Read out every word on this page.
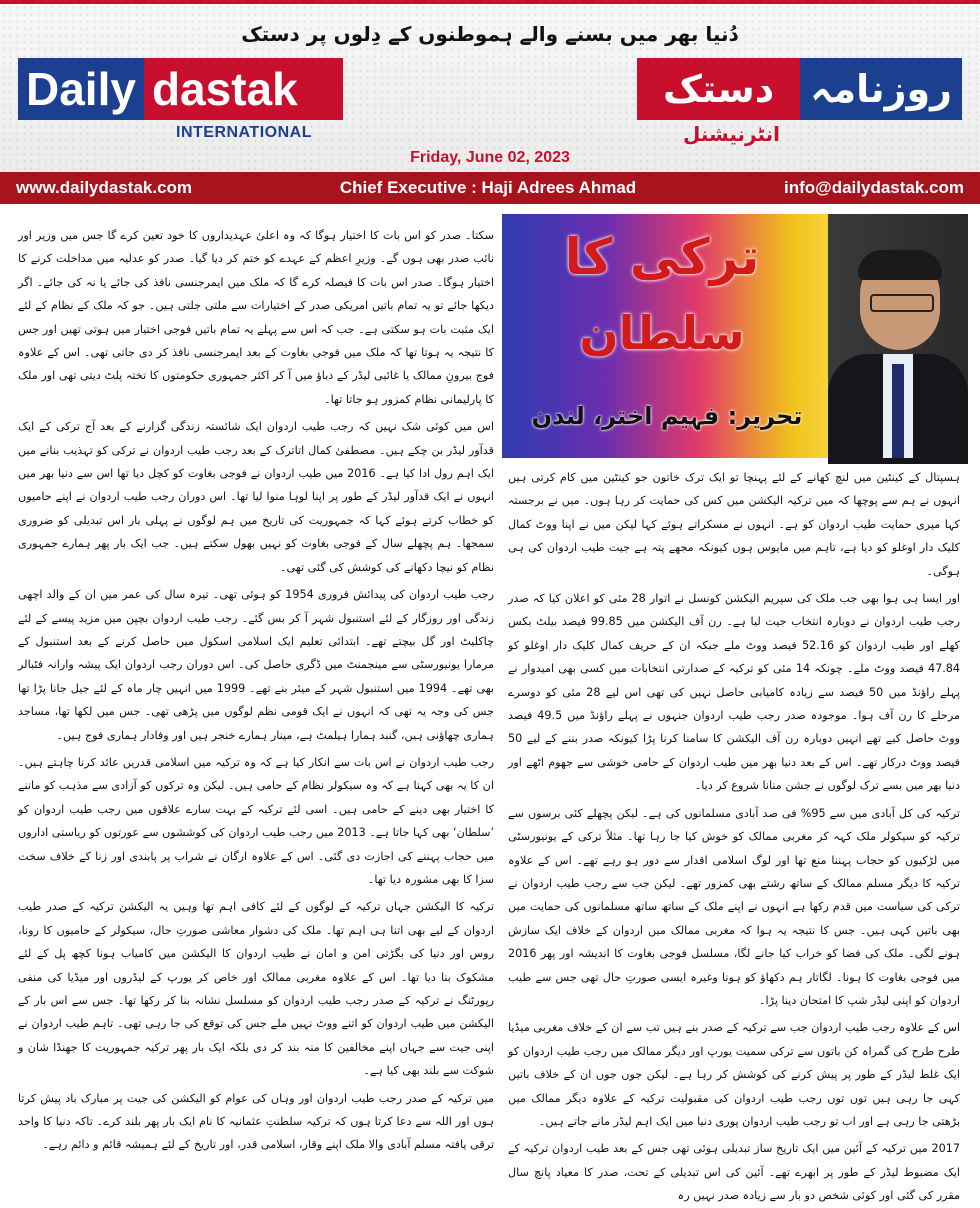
دُنیا بھر میں بسنے والے ہموطنوں کے دِلوں پر دستک
Daily dastak
INTERNATIONAL
روزنامہ
دستک
انٹرنیشنل
Friday, June 02, 2023
www.dailydastak.com	Chief Executive : Haji Adrees Ahmad	info@dailydastak.com
ترکی کا
سلطان
تحریر: فہیم اختر، لندن

سکتا۔ صدر کو اس بات کا اختیار ہوگا کہ وہ اعلیٰ عہدیداروں کا خود تعین کرے گا جس میں وزیر اور نائب صدر بھی ہوں گے۔ وزیرِ اعظم کے عہدے کو ختم کر دیا گیا۔ صدر کو عدلیہ میں مداخلت کرنے کا اختیار ہوگا۔ صدر اس بات کا فیصلہ کرے گا کہ ملک میں ایمرجنسی نافذ کی جائے یا نہ کی جائے۔ اگر دیکھا جائے تو یہ تمام باتیں امریکی صدر کے اختیارات سے ملتی جلتی ہیں۔ جو کہ ملک کے نظام کے لئے ایک مثبت بات ہو سکتی ہے۔ جب کہ اس سے پہلے یہ تمام باتیں فوجی اختیار میں ہوتی تھیں اور جس کا نتیجہ یہ ہوتا تھا کہ ملک میں فوجی بغاوت کے بعد ایمرجنسی نافذ کر دی جاتی تھی۔ اس کے علاوہ فوج بیرونِ ممالک یا غائبی لیڈر کے دباؤ میں آ کر اکثر جمہوری حکومتوں کا تختہ پلٹ دیتی تھی اور ملک کا پارلیمانی نظام کمزور ہو جاتا تھا۔

اس میں کوئی شک نہیں کہ رجب طیب اردوان ایک شائستہ زندگی گزارنے کے بعد آج ترکی کے ایک قدآور لیڈر بن چکے ہیں۔ مصطفیٰ کمال اتاترک کے بعد رجب طیب اردوان نے ترکی کو تہذیب بنانے میں ایک اہم رول ادا کیا ہے۔ 2016 میں طیب اردوان نے فوجی بغاوت کو کچل دیا تھا اس سے دنیا بھر میں انہوں نے ایک قدآور لیڈر کے طور پر اپنا لوہا منوا لیا تھا۔ اس دوران رجب طیب اردوان نے اپنے حامیوں کو خطاب کرتے ہوئے کہا کہ جمہوریت کی تاریخ میں ہم لوگوں نے پہلی بار اس تبدیلی کو ضروری سمجھا۔ ہم پچھلے سال کے فوجی بغاوت کو نہیں بھول سکتے ہیں۔ جب ایک بار پھر ہمارے جمہوری نظام کو نیچا دکھانے کی کوشش کی گئی تھی۔

رجب طیب اردوان کی پیدائش فروری 1954 کو ہوئی تھی۔ تیرہ سال کی عمر میں ان کے والد اچھی زندگی اور روزگار کے لئے استنبول شہر آ کر بس گئے۔ رجب طیب اردوان بچپن میں مزید پیسے کے لئے چاکلیٹ اور گل بیچتے تھے۔ ابتدائی تعلیم ایک اسلامی اسکول میں حاصل کرنے کے بعد استنبول کے مرمارا یونیورسٹی سے مینجمنٹ میں ڈگری حاصل کی۔ اس دوران رجب اردوان ایک پیشہ وارانہ فٹبالر بھی تھے۔ 1994 میں استنبول شہر کے میئر بنے تھے۔ 1999 میں انہیں چار ماہ کے لئے جیل جانا پڑا تھا جس کی وجہ یہ تھی کہ انہوں نے ایک قومی نظم لوگوں میں پڑھی تھی۔ جس میں لکھا تھا، مساجد ہماری چھاؤنی ہیں، گنبد ہمارا ہیلمٹ ہے، مینار ہمارے خنجر ہیں اور وفادار ہماری فوج ہیں۔

رجب طیب اردوان نے اس بات سے انکار کیا ہے کہ وہ ترکیہ میں اسلامی قدریں عائد کرنا چاہتے ہیں۔ ان کا یہ بھی کہنا ہے کہ وہ سیکولر نظام کے حامی ہیں۔ لیکن وہ ترکوں کو آزادی سے مذہب کو ماننے کا اختیار بھی دینے کے حامی ہیں۔ اسی لئے ترکیہ کے بہت سارے علاقوں میں رجب طیب اردوان کو ’سلطان‘ بھی کہا جاتا ہے۔ 2013 میں رجب طیب اردوان کی کوششوں سے عورتوں کو ریاستی اداروں میں حجاب پہننے کی اجازت دی گئی۔ اس کے علاوہ ارگان نے شراب پر پابندی اور زنا کے خلاف سخت سزا کا بھی مشورہ دیا تھا۔

ترکیہ کا الیکشن جہاں ترکیہ کے لوگوں کے لئے کافی اہم تھا وہیں یہ الیکشن ترکیہ کے صدر طیب اردوان کے لیے بھی اتنا ہی اہم تھا۔ ملک کی دشوار معاشی صورتِ حال، سیکولر کے حامیوں کا رونا، روس اور دنیا کی بگڑتی امن و امان نے طیب اردوان کا الیکشن میں کامیاب ہونا کچھ پل کے لئے مشکوک بنا دیا تھا۔ اس کے علاوہ مغربی ممالک اور خاص کر یورپ کے لیڈروں اور میڈیا کی منفی رپورٹنگ نے ترکیہ کے صدر رجب طیب اردوان کو مسلسل نشانہ بنا کر رکھا تھا۔ جس سے اس بار کے الیکشن میں طیب اردوان کو اتنے ووٹ نہیں ملے جس کی توقع کی جا رہی تھی۔ تاہم طیب اردوان نے اپنی جیت سے جہاں اپنے مخالفین کا منہ بند کر دی بلکہ ایک بار پھر ترکیہ جمہوریت کا جھنڈا شان و شوکت سے بلند بھی کیا ہے۔

میں ترکیہ کے صدر رجب طیب اردوان اور وہاں کی عوام کو الیکشن کی جیت پر مبارک باد پیش کرتا ہوں اور اللہ سے دعا کرتا ہوں کہ ترکیہ سلطنتِ عثمانیہ کا نام ایک بار پھر بلند کرے۔ تاکہ دنیا کا واحد ترقی یافتہ مسلم آبادی والا ملک اپنے وقار، اسلامی قدر، اور تاریخ کے لئے ہمیشہ قائم و دائم رہے۔

ہسپتال کے کینٹین میں لنچ کھانے کے لئے پہنچا تو ایک ترک خاتون جو کینٹین میں کام کرتی ہیں انہوں نے ہم سے پوچھا کہ میں ترکیہ الیکشن میں کس کی حمایت کر رہا ہوں۔ میں نے برجستہ کہا میری حمایت طیب اردوان کو ہے۔ انہوں نے مسکراتے ہوئے کہا لیکن میں نے اپنا ووٹ کمال کلیک دار اوغلو کو دیا ہے، تاہم میں مایوس ہوں کیونکہ مجھے پتہ ہے جیت طیب اردوان کی ہی ہوگی۔

اور ایسا ہی ہوا بھی جب ملک کی سپریم الیکشن کونسل نے اتوار 28 مئی کو اعلان کیا کہ صدر رجب طیب اردوان نے دوبارہ انتخاب جیت لیا ہے۔ رن آف الیکشن میں 99.85 فیصد بیلٹ بکس کھلے اور طیب اردوان کو 52.16 فیصد ووٹ ملے جبکہ ان کے حریف کمال کلیک دار اوغلو کو 47.84 فیصد ووٹ ملے۔ چونکہ 14 مئی کو ترکیہ کے صدارتی انتخابات میں کسی بھی امیدوار نے پہلے راؤنڈ میں 50 فیصد سے زیادہ کامیابی حاصل نہیں کی تھی اس لیے 28 مئی کو دوسرے مرحلے کا رن آف ہوا۔ موجودہ صدر رجب طیب اردوان جنہوں نے پہلے راؤنڈ میں 49.5 فیصد ووٹ حاصل کیے تھے انہیں دوبارہ رن آف الیکشن کا سامنا کرنا پڑا کیونکہ صدر بننے کے لیے 50 فیصد ووٹ درکار تھے۔ اس کے بعد دنیا بھر میں طیب اردوان کے حامی خوشی سے جھوم اٹھے اور دنیا بھر میں بسے ترک لوگوں نے جشن منانا شروع کر دیا۔

ترکیہ کی کل آبادی میں سے 95% فی صد آبادی مسلمانوں کی ہے۔ لیکن پچھلے کئی برسوں سے ترکیہ کو سیکولر ملک کہہ کر مغربی ممالک کو خوش کیا جا رہا تھا۔ مثلاً ترکی کے یونیورسٹی میں لڑکیوں کو حجاب پہننا منع تھا اور لوگ اسلامی اقدار سے دور ہو رہے تھے۔ اس کے علاوہ ترکیہ کا دیگر مسلم ممالک کے ساتھ رشتے بھی کمزور تھے۔ لیکن جب سے رجب طیب اردوان نے ترکی کی سیاست میں قدم رکھا ہے انہوں نے اپنے ملک کے ساتھ ساتھ مسلمانوں کی حمایت میں بھی باتیں کہی ہیں۔ جس کا نتیجہ یہ ہوا کہ مغربی ممالک میں اردوان کے خلاف ایک سازش ہونے لگی۔ ملک کی فضا کو خراب کیا جانے لگا، مسلسل فوجی بغاوت کا اندیشہ اور پھر 2016 میں فوجی بغاوت کا ہونا۔ لگاتار ہم دکھاؤ کو ہونا وغیرہ ایسی صورتِ حال تھی جس سے طیب اردوان کو اپنی لیڈر شپ کا امتحان دینا پڑا۔

اس کے علاوہ رجب طیب اردوان جب سے ترکیہ کے صدر بنے ہیں تب سے ان کے خلاف مغربی میڈیا طرح طرح کی گمراہ کن باتوں سے ترکی سمیت یورپ اور دیگر ممالک میں رجب طیب اردوان کو ایک غلط لیڈر کے طور پر پیش کرنے کی کوشش کر رہا ہے۔ لیکن جوں جوں ان کے خلاف باتیں کہی جا رہی ہیں توں توں رجب طیب اردوان کی مقبولیت ترکیہ کے علاوہ دیگر ممالک میں بڑھتی جا رہی ہے اور اب تو رجب طیب اردوان پوری دنیا میں ایک اہم لیڈر مانے جاتے ہیں۔

2017 میں ترکیہ کے آئین میں ایک تاریخ ساز تبدیلی ہوئی تھی جس کے بعد طیب اردوان ترکیہ کے ایک مضبوط لیڈر کے طور پر ابھرے تھے۔ آئین کی اس تبدیلی کے تحت، صدر کا معیاد پانچ سال مقرر کی گئی اور کوئی شخص دو بار سے زیادہ صدر نہیں رہ
